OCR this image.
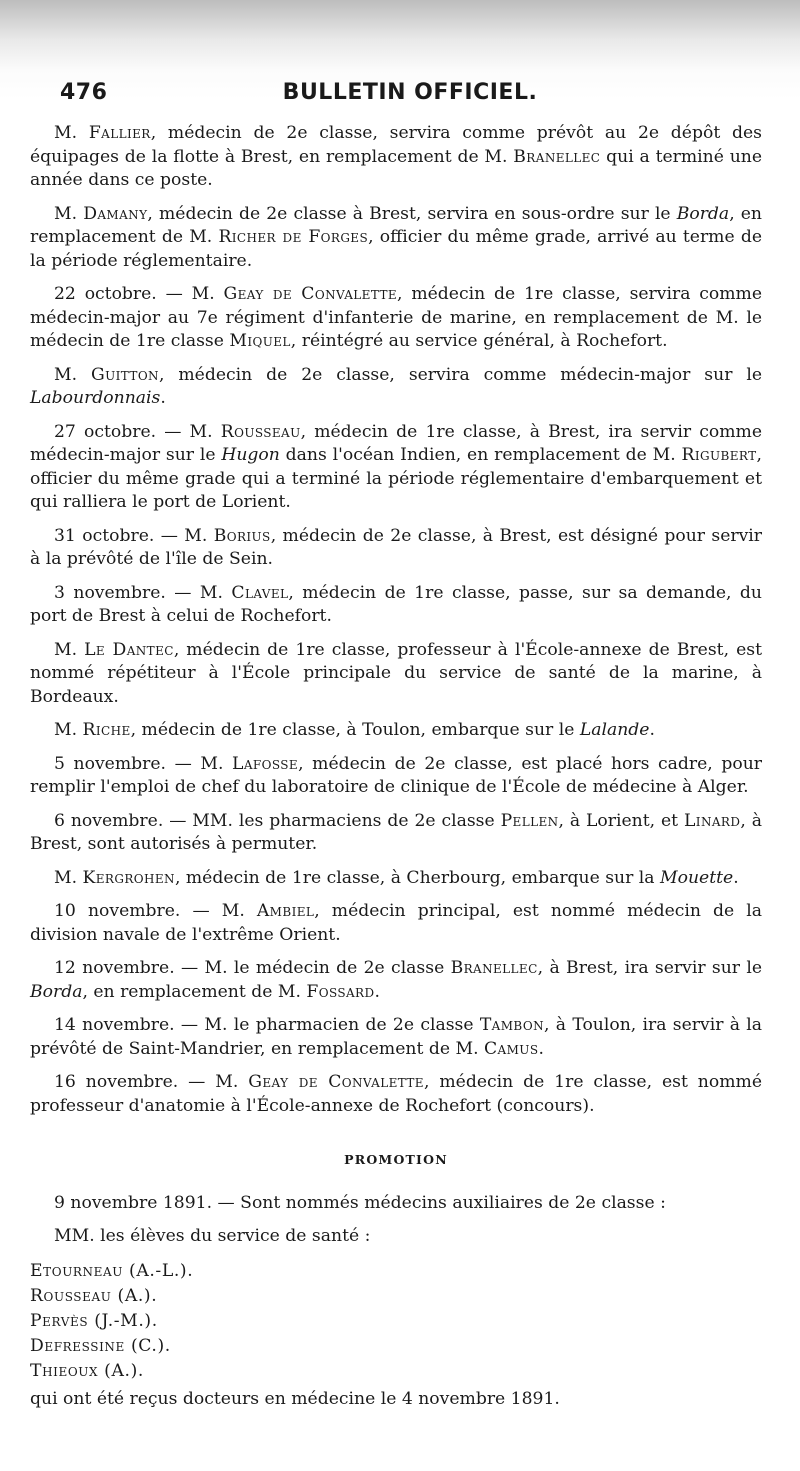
476	BULLETIN OFFICIEL.

M. Fallier, médecin de 2e classe, servira comme prévôt au 2e dépôt des équipages de la flotte à Brest, en remplacement de M. Branellec qui a terminé une année dans ce poste.

M. Damany, médecin de 2e classe à Brest, servira en sous-ordre sur le Borda, en remplacement de M. Richer de Forges, officier du même grade, arrivé au terme de la période réglementaire.

22 octobre. — M. Geay de Convalette, médecin de 1re classe, servira comme médecin-major au 7e régiment d'infanterie de marine, en remplacement de M. le médecin de 1re classe Miquel, réintégré au service général, à Rochefort.

M. Guitton, médecin de 2e classe, servira comme médecin-major sur le Labourdonnais.

27 octobre. — M. Rousseau, médecin de 1re classe, à Brest, ira servir comme médecin-major sur le Hugon dans l'océan Indien, en remplacement de M. Rigubert, officier du même grade qui a terminé la période réglementaire d'embarquement et qui ralliera le port de Lorient.

31 octobre. — M. Borius, médecin de 2e classe, à Brest, est désigné pour servir à la prévôté de l'île de Sein.

3 novembre. — M. Clavel, médecin de 1re classe, passe, sur sa demande, du port de Brest à celui de Rochefort.

M. Le Dantec, médecin de 1re classe, professeur à l'École-annexe de Brest, est nommé répétiteur à l'École principale du service de santé de la marine, à Bordeaux.

M. Riche, médecin de 1re classe, à Toulon, embarque sur le Lalande.

5 novembre. — M. Lafosse, médecin de 2e classe, est placé hors cadre, pour remplir l'emploi de chef du laboratoire de clinique de l'École de médecine à Alger.

6 novembre. — MM. les pharmaciens de 2e classe Pellen, à Lorient, et Linard, à Brest, sont autorisés à permuter.

M. Kergrohen, médecin de 1re classe, à Cherbourg, embarque sur la Mouette.

10 novembre. — M. Ambiel, médecin principal, est nommé médecin de la division navale de l'extrême Orient.

12 novembre. — M. le médecin de 2e classe Branellec, à Brest, ira servir sur le Borda, en remplacement de M. Fossard.

14 novembre. — M. le pharmacien de 2e classe Tambon, à Toulon, ira servir à la prévôté de Saint-Mandrier, en remplacement de M. Camus.

16 novembre. — M. Geay de Convalette, médecin de 1re classe, est nommé professeur d'anatomie à l'École-annexe de Rochefort (concours).

PROMOTION

9 novembre 1891. — Sont nommés médecins auxiliaires de 2e classe :

MM. les élèves du service de santé :

Etourneau (A.-L.).
Rousseau (A.).
Pervès (J.-M.).
Defressine (C.).
Thieoux (A.).

qui ont été reçus docteurs en médecine le 4 novembre 1891.
